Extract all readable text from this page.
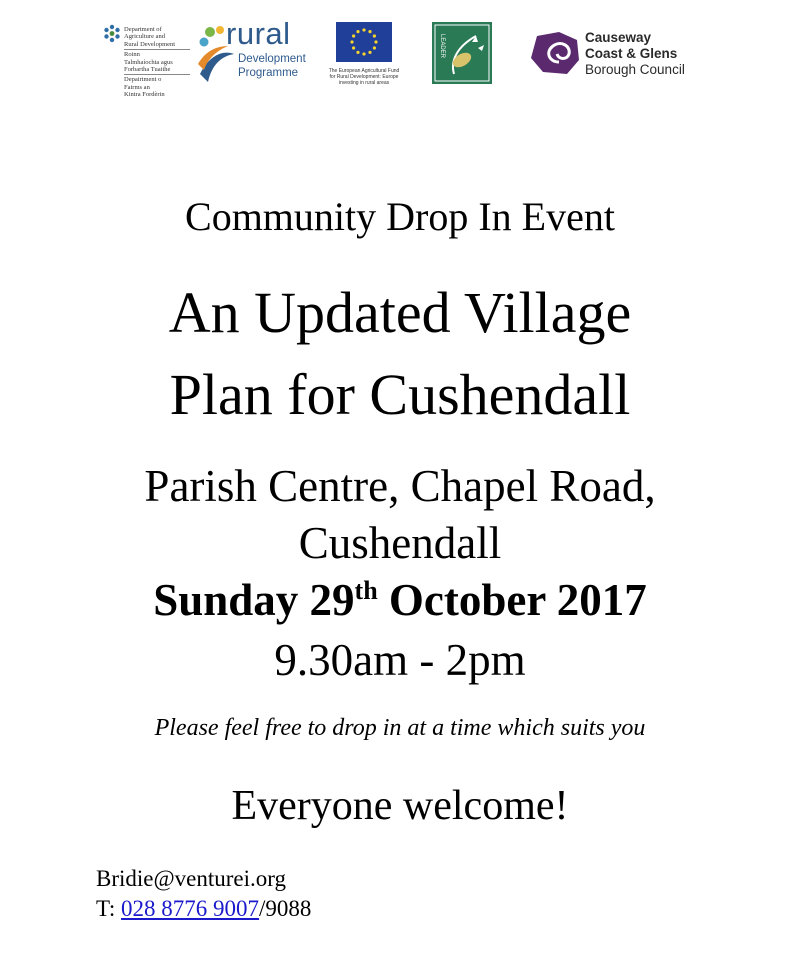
Department of
Agriculture and
Rural Development
Roinn
Talmhaíochta agus
Forbartha Tuaithe
Depairtment o
Fairms an
Kintra Fordèrin
rural
Development
Programme	The European Agricultural Fund for Rural Development: Europe investing in rural areas
LEADER	Causeway
Coast & Glens
Borough Council
Community Drop In Event
An Updated Village
Plan for Cushendall
Parish Centre, Chapel Road,
Cushendall
Sunday 29th October 2017
9.30am - 2pm
Please feel free to drop in at a time which suits you
Everyone welcome!
Bridie@venturei.org
T: 028 8776 9007/9088
